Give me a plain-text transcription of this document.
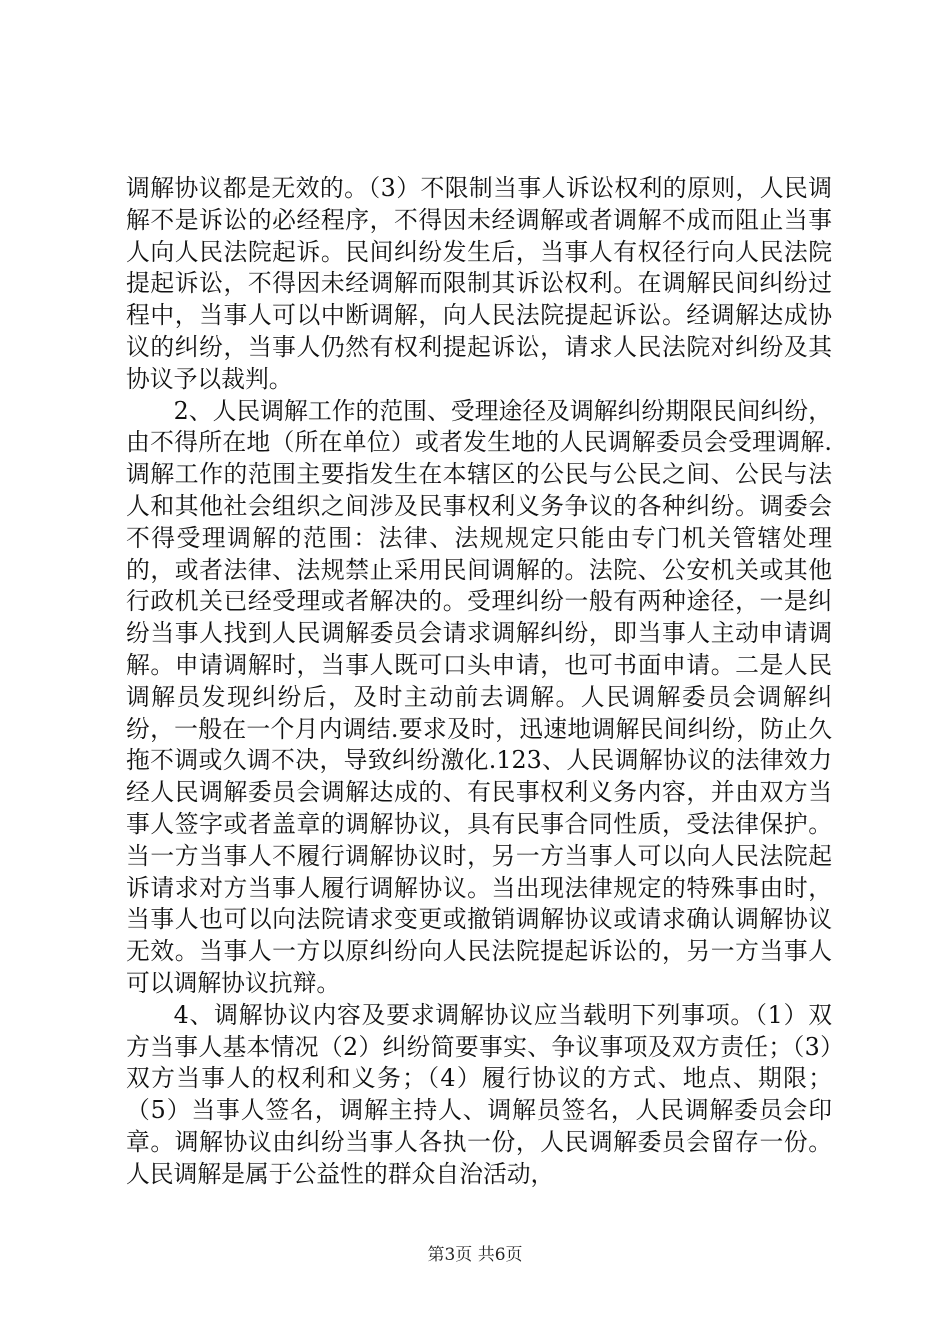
调解协议都是无效的。（3）不限制当事人诉讼权利的原则，人民调解不是诉讼的必经程序，不得因未经调解或者调解不成而阻止当事人向人民法院起诉。民间纠纷发生后，当事人有权径行向人民法院提起诉讼，不得因未经调解而限制其诉讼权利。在调解民间纠纷过程中，当事人可以中断调解，向人民法院提起诉讼。经调解达成协议的纠纷，当事人仍然有权利提起诉讼，请求人民法院对纠纷及其协议予以裁判。

2、人民调解工作的范围、受理途径及调解纠纷期限民间纠纷，由不得所在地（所在单位）或者发生地的人民调解委员会受理调解.调解工作的范围主要指发生在本辖区的公民与公民之间、公民与法人和其他社会组织之间涉及民事权利义务争议的各种纠纷。调委会不得受理调解的范围：法律、法规规定只能由专门机关管辖处理的，或者法律、法规禁止采用民间调解的。法院、公安机关或其他行政机关已经受理或者解决的。受理纠纷一般有两种途径，一是纠纷当事人找到人民调解委员会请求调解纠纷，即当事人主动申请调解。申请调解时，当事人既可口头申请，也可书面申请。二是人民调解员发现纠纷后，及时主动前去调解。人民调解委员会调解纠纷，一般在一个月内调结.要求及时，迅速地调解民间纠纷，防止久拖不调或久调不决，导致纠纷激化.123、人民调解协议的法律效力经人民调解委员会调解达成的、有民事权利义务内容，并由双方当事人签字或者盖章的调解协议，具有民事合同性质，受法律保护。当一方当事人不履行调解协议时，另一方当事人可以向人民法院起诉请求对方当事人履行调解协议。当出现法律规定的特殊事由时，当事人也可以向法院请求变更或撤销调解协议或请求确认调解协议无效。当事人一方以原纠纷向人民法院提起诉讼的，另一方当事人可以调解协议抗辩。

4、调解协议内容及要求调解协议应当载明下列事项。（1）双方当事人基本情况（2）纠纷简要事实、争议事项及双方责任；（3）双方当事人的权利和义务；（4）履行协议的方式、地点、期限；（5）当事人签名，调解主持人、调解员签名，人民调解委员会印章。调解协议由纠纷当事人各执一份，人民调解委员会留存一份。人民调解是属于公益性的群众自治活动，

第3页 共6页
